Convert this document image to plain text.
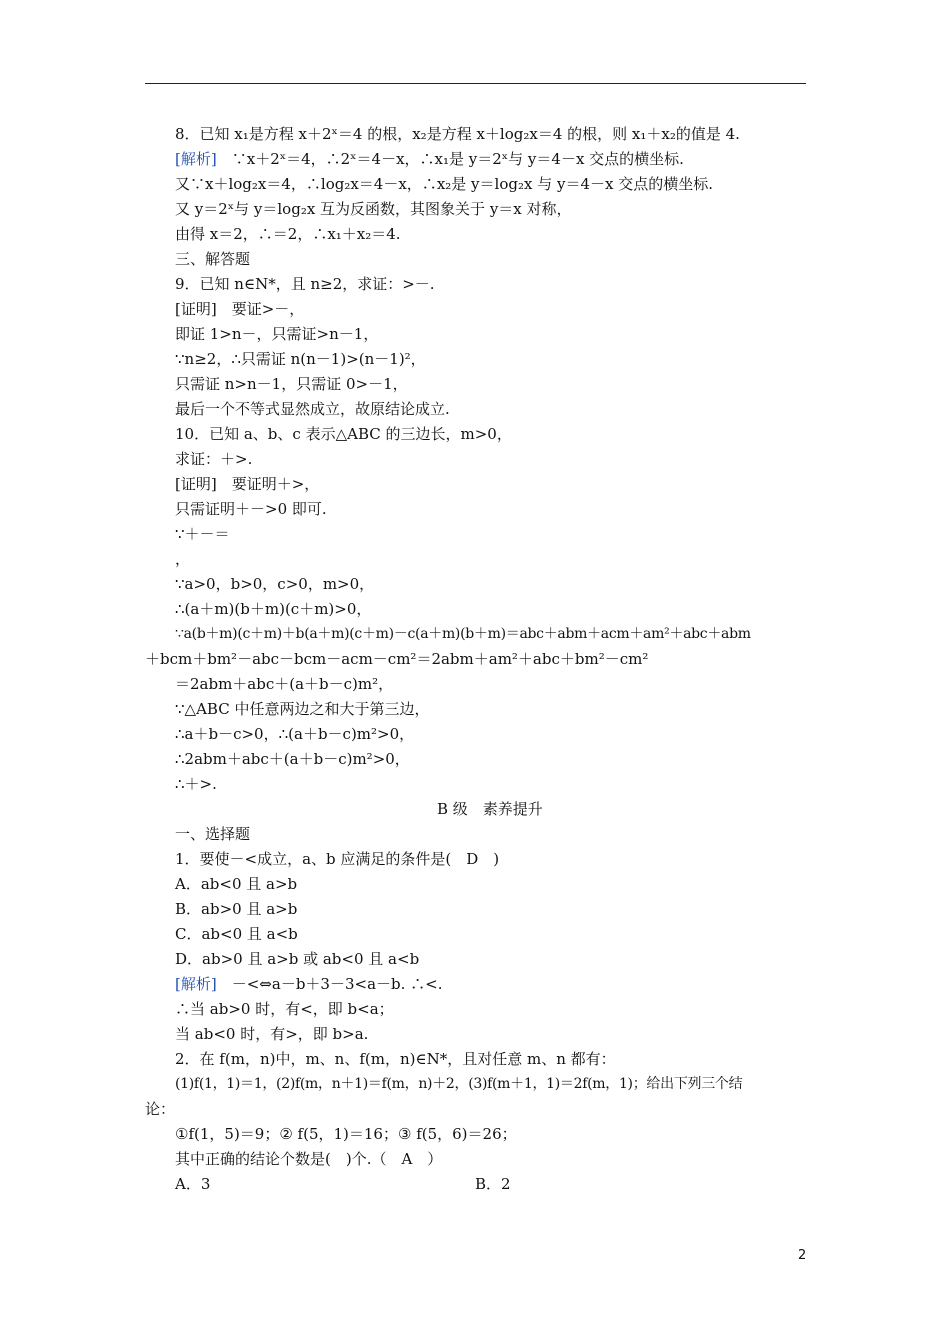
8．已知 x₁是方程 x＋2ˣ＝4 的根，x₂是方程 x＋log₂x＝4 的根，则 x₁＋x₂的值是 4.
[解析]　 ∵x＋2ˣ＝4，∴2ˣ＝4－x，∴x₁是 y＝2ˣ与 y＝4－x 交点的横坐标.
又∵x＋log₂x＝4，∴log₂x＝4－x，∴x₂是 y＝log₂x 与 y＝4－x 交点的横坐标.
又 y＝2ˣ与 y＝log₂x 互为反函数，其图象关于 y＝x 对称，
由得 x＝2，∴＝2，∴x₁＋x₂＝4.
三、解答题
9．已知 n∈N*，且 n≥2，求证：>－.
[证明]　要证>－，
即证 1>n－，只需证>n－1，
∵n≥2，∴只需证 n(n－1)>(n－1)²，
只需证 n>n－1，只需证 0>－1，
最后一个不等式显然成立，故原结论成立.
10．已知 a、b、c 表示△ABC 的三边长，m>0，
求证：＋>.
[证明]　要证明＋>，
只需证明＋－>0 即可.
∵＋－＝
，
∵a>0，b>0，c>0，m>0，
∴(a＋m)(b＋m)(c＋m)>0，
∵a(b＋m)(c＋m)＋b(a＋m)(c＋m)－c(a＋m)(b＋m)＝abc＋abm＋acm＋am²＋abc＋abm
＋bcm＋bm²－abc－bcm－acm－cm²＝2abm＋am²＋abc＋bm²－cm²
＝2abm＋abc＋(a＋b－c)m²，
∵△ABC 中任意两边之和大于第三边，
∴a＋b－c>0，∴(a＋b－c)m²>0，
∴2abm＋abc＋(a＋b－c)m²>0，
∴＋>.
B 级　素养提升
一、选择题
1．要使－<成立，a、b 应满足的条件是(　D　)
A．ab<0 且 a>b
B．ab>0 且 a>b
C．ab<0 且 a<b
D．ab>0 且 a>b 或 ab<0 且 a<b
[解析]　 －<⇔a－b＋3－3<a－b. ∴<.
∴当 ab>0 时，有<，即 b<a；
当 ab<0 时，有>，即 b>a.
2．在 f(m，n)中，m、n、f(m，n)∈N*，且对任意 m、n 都有：
(1)f(1，1)＝1，(2)f(m，n＋1)＝f(m，n)＋2，(3)f(m＋1，1)＝2f(m，1)；给出下列三个结
论：
①f(1，5)＝9；② f(5，1)＝16；③ f(5，6)＝26；
其中正确的结论个数是(　)个.（　A　）
A．3	B．2
2
